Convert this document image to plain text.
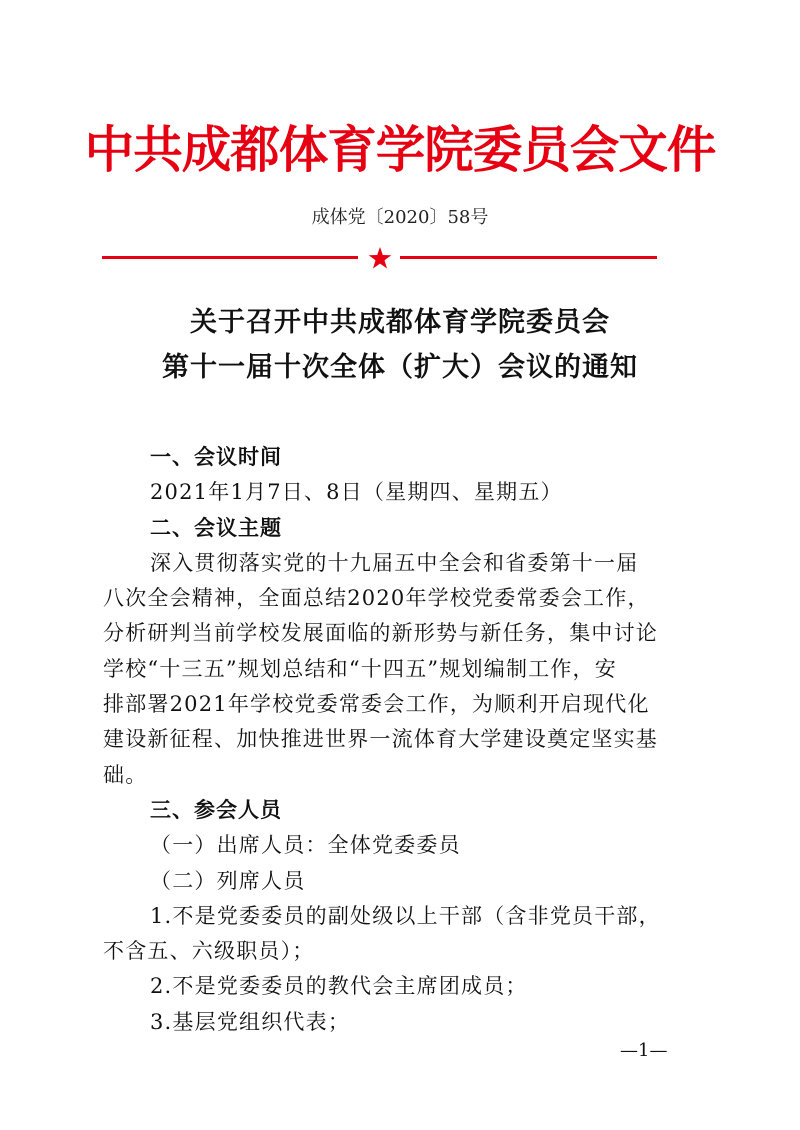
中共成都体育学院委员会文件
成体党〔2020〕58号
关于召开中共成都体育学院委员会
第十一届十次全体（扩大）会议的通知

一、会议时间

2021年1月7日、8日（星期四、星期五）

二、会议主题

深入贯彻落实党的十九届五中全会和省委第十一届

八次全会精神，全面总结2020年学校党委常委会工作，

分析研判当前学校发展面临的新形势与新任务，集中讨论

学校“十三五”规划总结和“十四五”规划编制工作，安

排部署2021年学校党委常委会工作，为顺利开启现代化

建设新征程、加快推进世界一流体育大学建设奠定坚实基

础。

三、参会人员

（一）出席人员：全体党委委员

（二）列席人员

1.不是党委委员的副处级以上干部（含非党员干部，

不含五、六级职员）；

2.不是党委委员的教代会主席团成员；

3.基层党组织代表；

—1—
